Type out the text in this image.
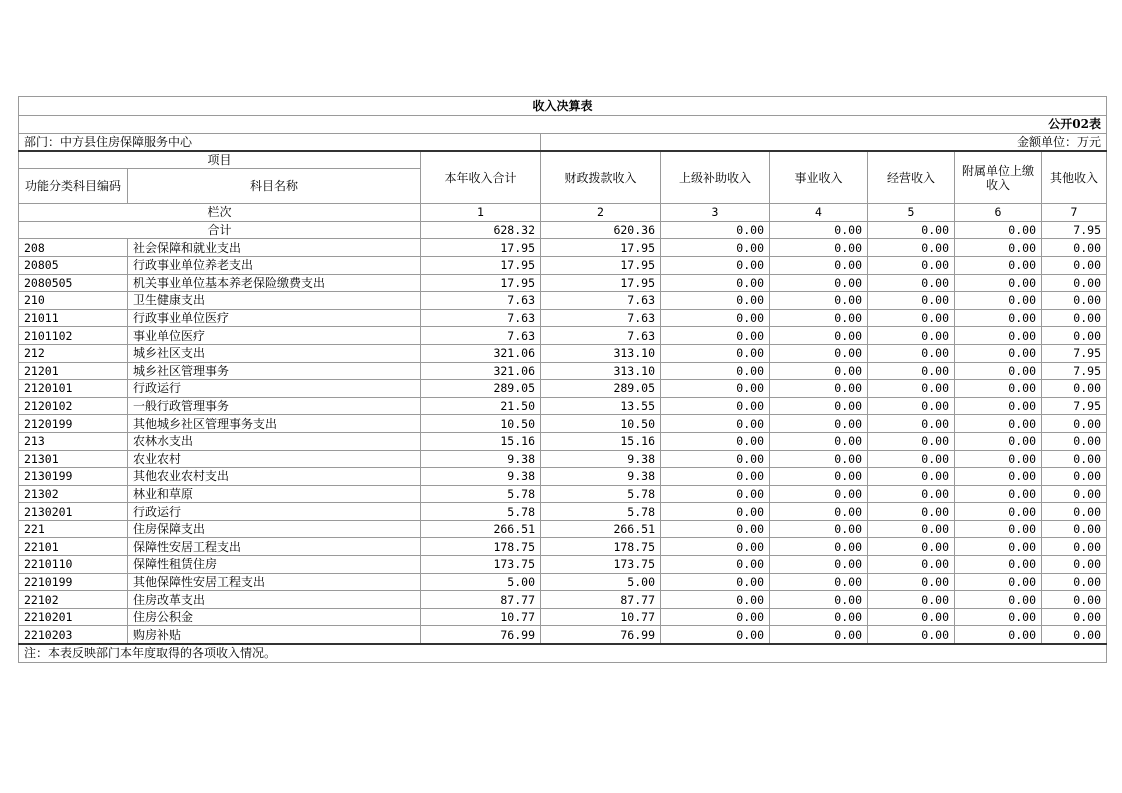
收入决算表								
			公开02表					
部门：中方县住房保障服务中心			金额单位：万元					
项目		本年收入合计	财政拨款收入	上级补助收入	事业收入	经营收入	附属单位上缴收入	其他收入
功能分类科目编码	科目名称							
栏次		1	2	3	4	5	6	7
合计		628.32	620.36	0.00	0.00	0.00	0.00	7.95
208	社会保障和就业支出	17.95	17.95	0.00	0.00	0.00	0.00	0.00
20805	行政事业单位养老支出	17.95	17.95	0.00	0.00	0.00	0.00	0.00
2080505	机关事业单位基本养老保险缴费支出	17.95	17.95	0.00	0.00	0.00	0.00	0.00
210	卫生健康支出	7.63	7.63	0.00	0.00	0.00	0.00	0.00
21011	行政事业单位医疗	7.63	7.63	0.00	0.00	0.00	0.00	0.00
2101102	事业单位医疗	7.63	7.63	0.00	0.00	0.00	0.00	0.00
212	城乡社区支出	321.06	313.10	0.00	0.00	0.00	0.00	7.95
21201	城乡社区管理事务	321.06	313.10	0.00	0.00	0.00	0.00	7.95
2120101	行政运行	289.05	289.05	0.00	0.00	0.00	0.00	0.00
2120102	一般行政管理事务	21.50	13.55	0.00	0.00	0.00	0.00	7.95
2120199	其他城乡社区管理事务支出	10.50	10.50	0.00	0.00	0.00	0.00	0.00
213	农林水支出	15.16	15.16	0.00	0.00	0.00	0.00	0.00
21301	农业农村	9.38	9.38	0.00	0.00	0.00	0.00	0.00
2130199	其他农业农村支出	9.38	9.38	0.00	0.00	0.00	0.00	0.00
21302	林业和草原	5.78	5.78	0.00	0.00	0.00	0.00	0.00
2130201	行政运行	5.78	5.78	0.00	0.00	0.00	0.00	0.00
221	住房保障支出	266.51	266.51	0.00	0.00	0.00	0.00	0.00
22101	保障性安居工程支出	178.75	178.75	0.00	0.00	0.00	0.00	0.00
2210110	保障性租赁住房	173.75	173.75	0.00	0.00	0.00	0.00	0.00
2210199	其他保障性安居工程支出	5.00	5.00	0.00	0.00	0.00	0.00	0.00
22102	住房改革支出	87.77	87.77	0.00	0.00	0.00	0.00	0.00
2210201	住房公积金	10.77	10.77	0.00	0.00	0.00	0.00	0.00
2210203	购房补贴	76.99	76.99	0.00	0.00	0.00	0.00	0.00
注：本表反映部门本年度取得的各项收入情况。								
